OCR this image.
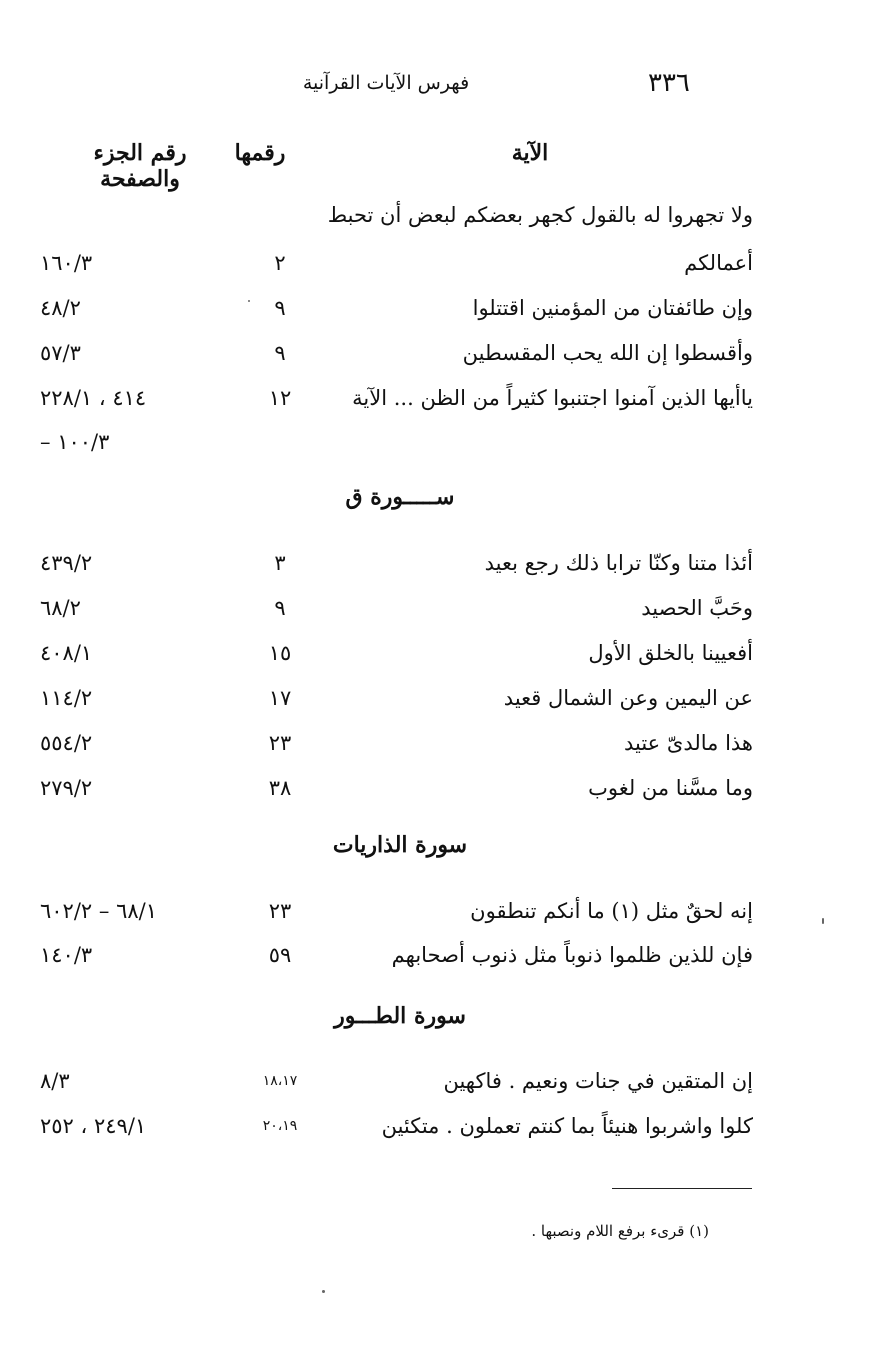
٣٣٦
فهرس الآيات القرآنية
الآية
رقمها
رقم الجزء والصفحة
ولا تجهروا له بالقول كجهر بعضكم لبعض أن تحبط
أعمالكم
٢
١٦٠/٣
وإن طائفتان من المؤمنين اقتتلوا
٩
٤٨/٢
وأقسطوا إن الله يحب المقسطين
٩
٥٧/٣
ياأيها الذين آمنوا اجتنبوا كثيراً من الظن ... الآية
١٢
٤١٤ ، ٢٢٨/١
١٠٠/٣ –
ســـــورة ق
أئذا متنا وكنّا ترابا ذلك رجع بعيد
٣
٤٣٩/٢
وحَبَّ الحصيد
٩
٦٨/٢
أفعيينا بالخلق الأول
١٥
٤٠٨/١
عن اليمين وعن الشمال قعيد
١٧
١١٤/٢
هذا مالدىّ عتيد
٢٣
٥٥٤/٢
وما مسَّنا من لغوب
٣٨
٢٧٩/٢
سورة الذاريات
إنه لحقٌ مثل (١) ما أنكم تنطقون
٢٣
٦٨/١ – ٦٠٢/٢
فإن للذين ظلموا ذنوباً مثل ذنوب أصحابهم
٥٩
١٤٠/٣
سورة الطـــور
إن المتقين في جنات ونعيم . فاكهين
١٨،١٧
٨/٣
كلوا واشربوا هنيئاً بما كنتم تعملون . متكئين
٢٠،١٩
٢٤٩/١ ، ٢٥٢
(١) قرىء برفع اللام ونصبها .
